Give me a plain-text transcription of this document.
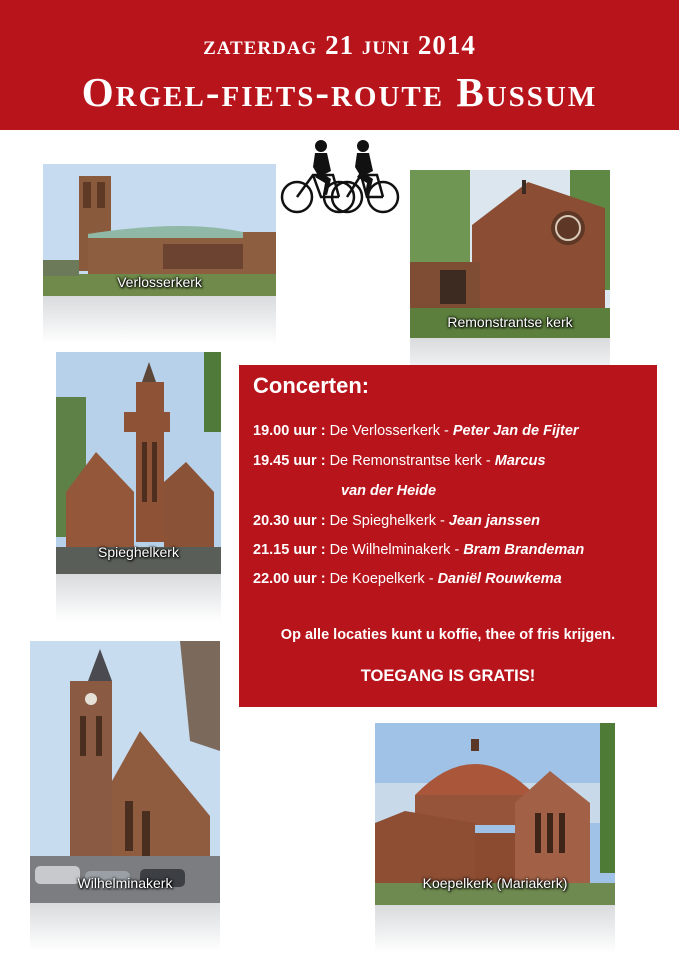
zaterdag 21 juni 2014
Orgel-fiets-route Bussum
Verlosserkerk
Remonstrantse kerk
Spieghelkerk
Concerten:
19.00 uur : De Verlosserkerk - Peter Jan de Fijter
19.45 uur : De Remonstrantse kerk - Marcus
van der Heide
20.30 uur : De Spieghelkerk - Jean janssen
21.15 uur : De Wilhelminakerk - Bram Brandeman
22.00 uur : De Koepelkerk - Daniël Rouwkema
Op alle locaties kunt u koffie, thee of fris krijgen.
TOEGANG IS GRATIS!
Wilhelminakerk	Koepelkerk (Mariakerk)
